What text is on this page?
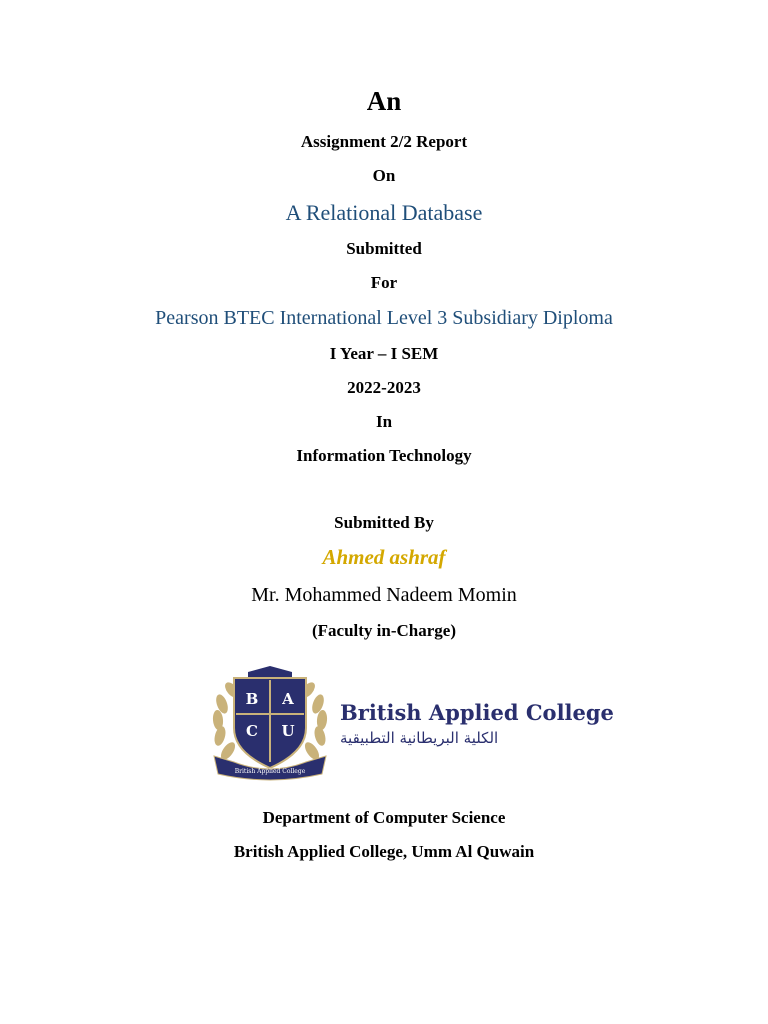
An
Assignment 2/2 Report
On
A Relational Database
Submitted
For
Pearson BTEC International Level 3 Subsidiary Diploma
I Year – I SEM
2022-2023
In
Information Technology
Submitted By
Ahmed ashraf
Mr. Mohammed Nadeem Momin
(Faculty in-Charge)
B A
C U
British Applied College
British Applied College
الكلية البريطانية التطبيقية
Department of Computer Science
British Applied College, Umm Al Quwain
